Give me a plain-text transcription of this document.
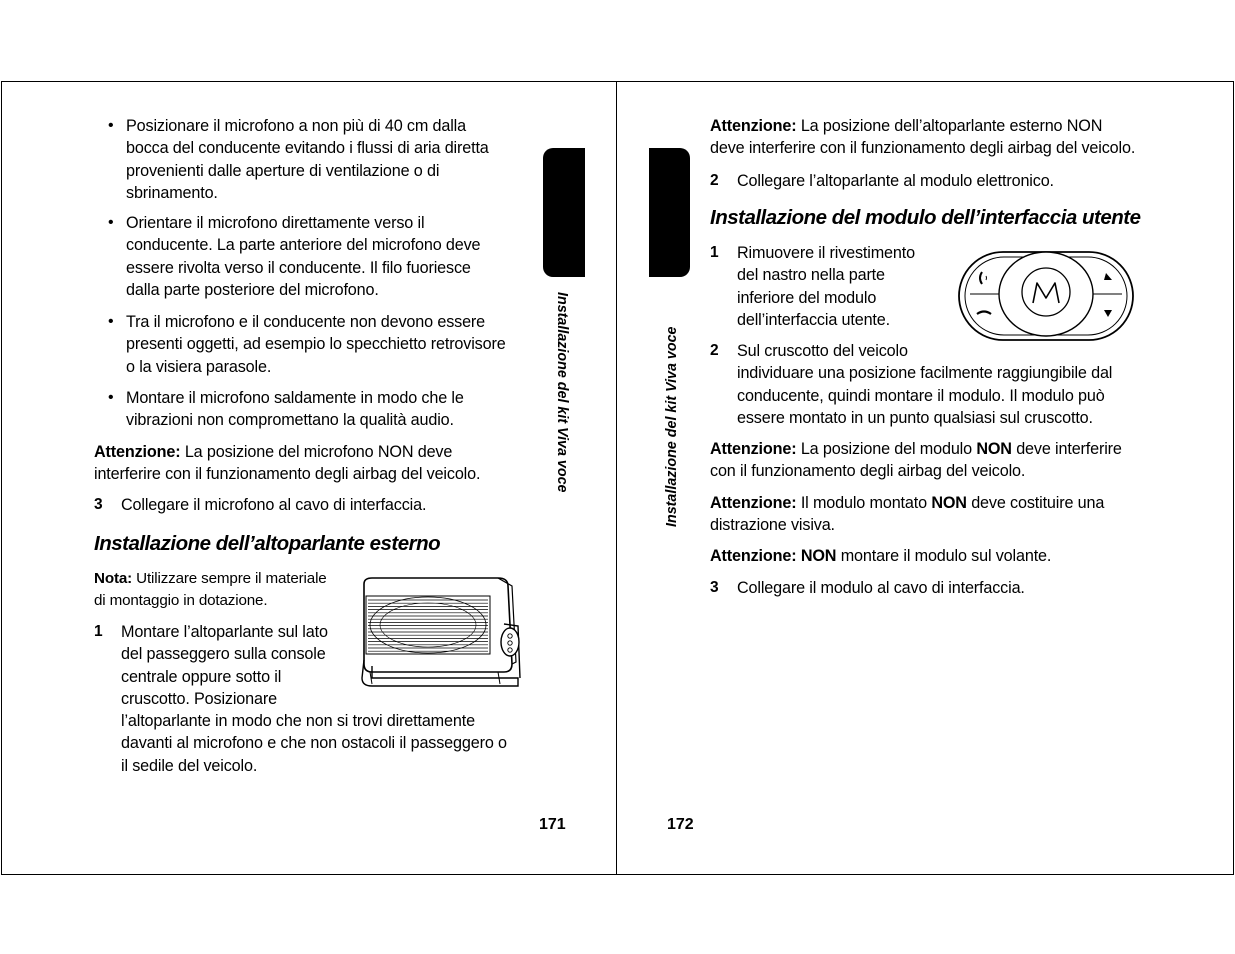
• Posizionare il microfono a non più di 40 cm dalla
bocca del conducente evitando i flussi di aria diretta
provenienti dalle aperture di ventilazione o di
sbrinamento.
• Orientare il microfono direttamente verso il
conducente. La parte anteriore del microfono deve
essere rivolta verso il conducente. Il filo fuoriesce
dalla parte posteriore del microfono.
• Tra il microfono e il conducente non devono essere
presenti oggetti, ad esempio lo specchietto retrovisore
o la visiera parasole.
• Montare il microfono saldamente in modo che le
vibrazioni non compromettano la qualità audio.
Attenzione: La posizione del microfono NON deve
interferire con il funzionamento degli airbag del veicolo.
3 Collegare il microfono al cavo di interfaccia.
Installazione dell’altoparlante esterno
Nota: Utilizzare sempre il materiale
di montaggio in dotazione.
1 Montare l’altoparlante sul lato
del passeggero sulla console
centrale oppure sotto il
cruscotto. Posizionare
l’altoparlante in modo che non si trovi direttamente
davanti al microfono e che non ostacoli il passeggero o
il sedile del veicolo.
Installazione del kit Viva voce
171
Installazione del kit Viva voce
Attenzione: La posizione dell’altoparlante esterno NON
deve interferire con il funzionamento degli airbag del veicolo.
2 Collegare l’altoparlante al modulo elettronico.
Installazione del modulo dell’interfaccia utente
1 Rimuovere il rivestimento
del nastro nella parte
inferiore del modulo
dell’interfaccia utente.
2 Sul cruscotto del veicolo
individuare una posizione facilmente raggiungibile dal
conducente, quindi montare il modulo. Il modulo può
essere montato in un punto qualsiasi sul cruscotto.
Attenzione: La posizione del modulo NON deve interferire
con il funzionamento degli airbag del veicolo.
Attenzione: Il modulo montato NON deve costituire una
distrazione visiva.
Attenzione: NON montare il modulo sul volante.
3 Collegare il modulo al cavo di interfaccia.
172
